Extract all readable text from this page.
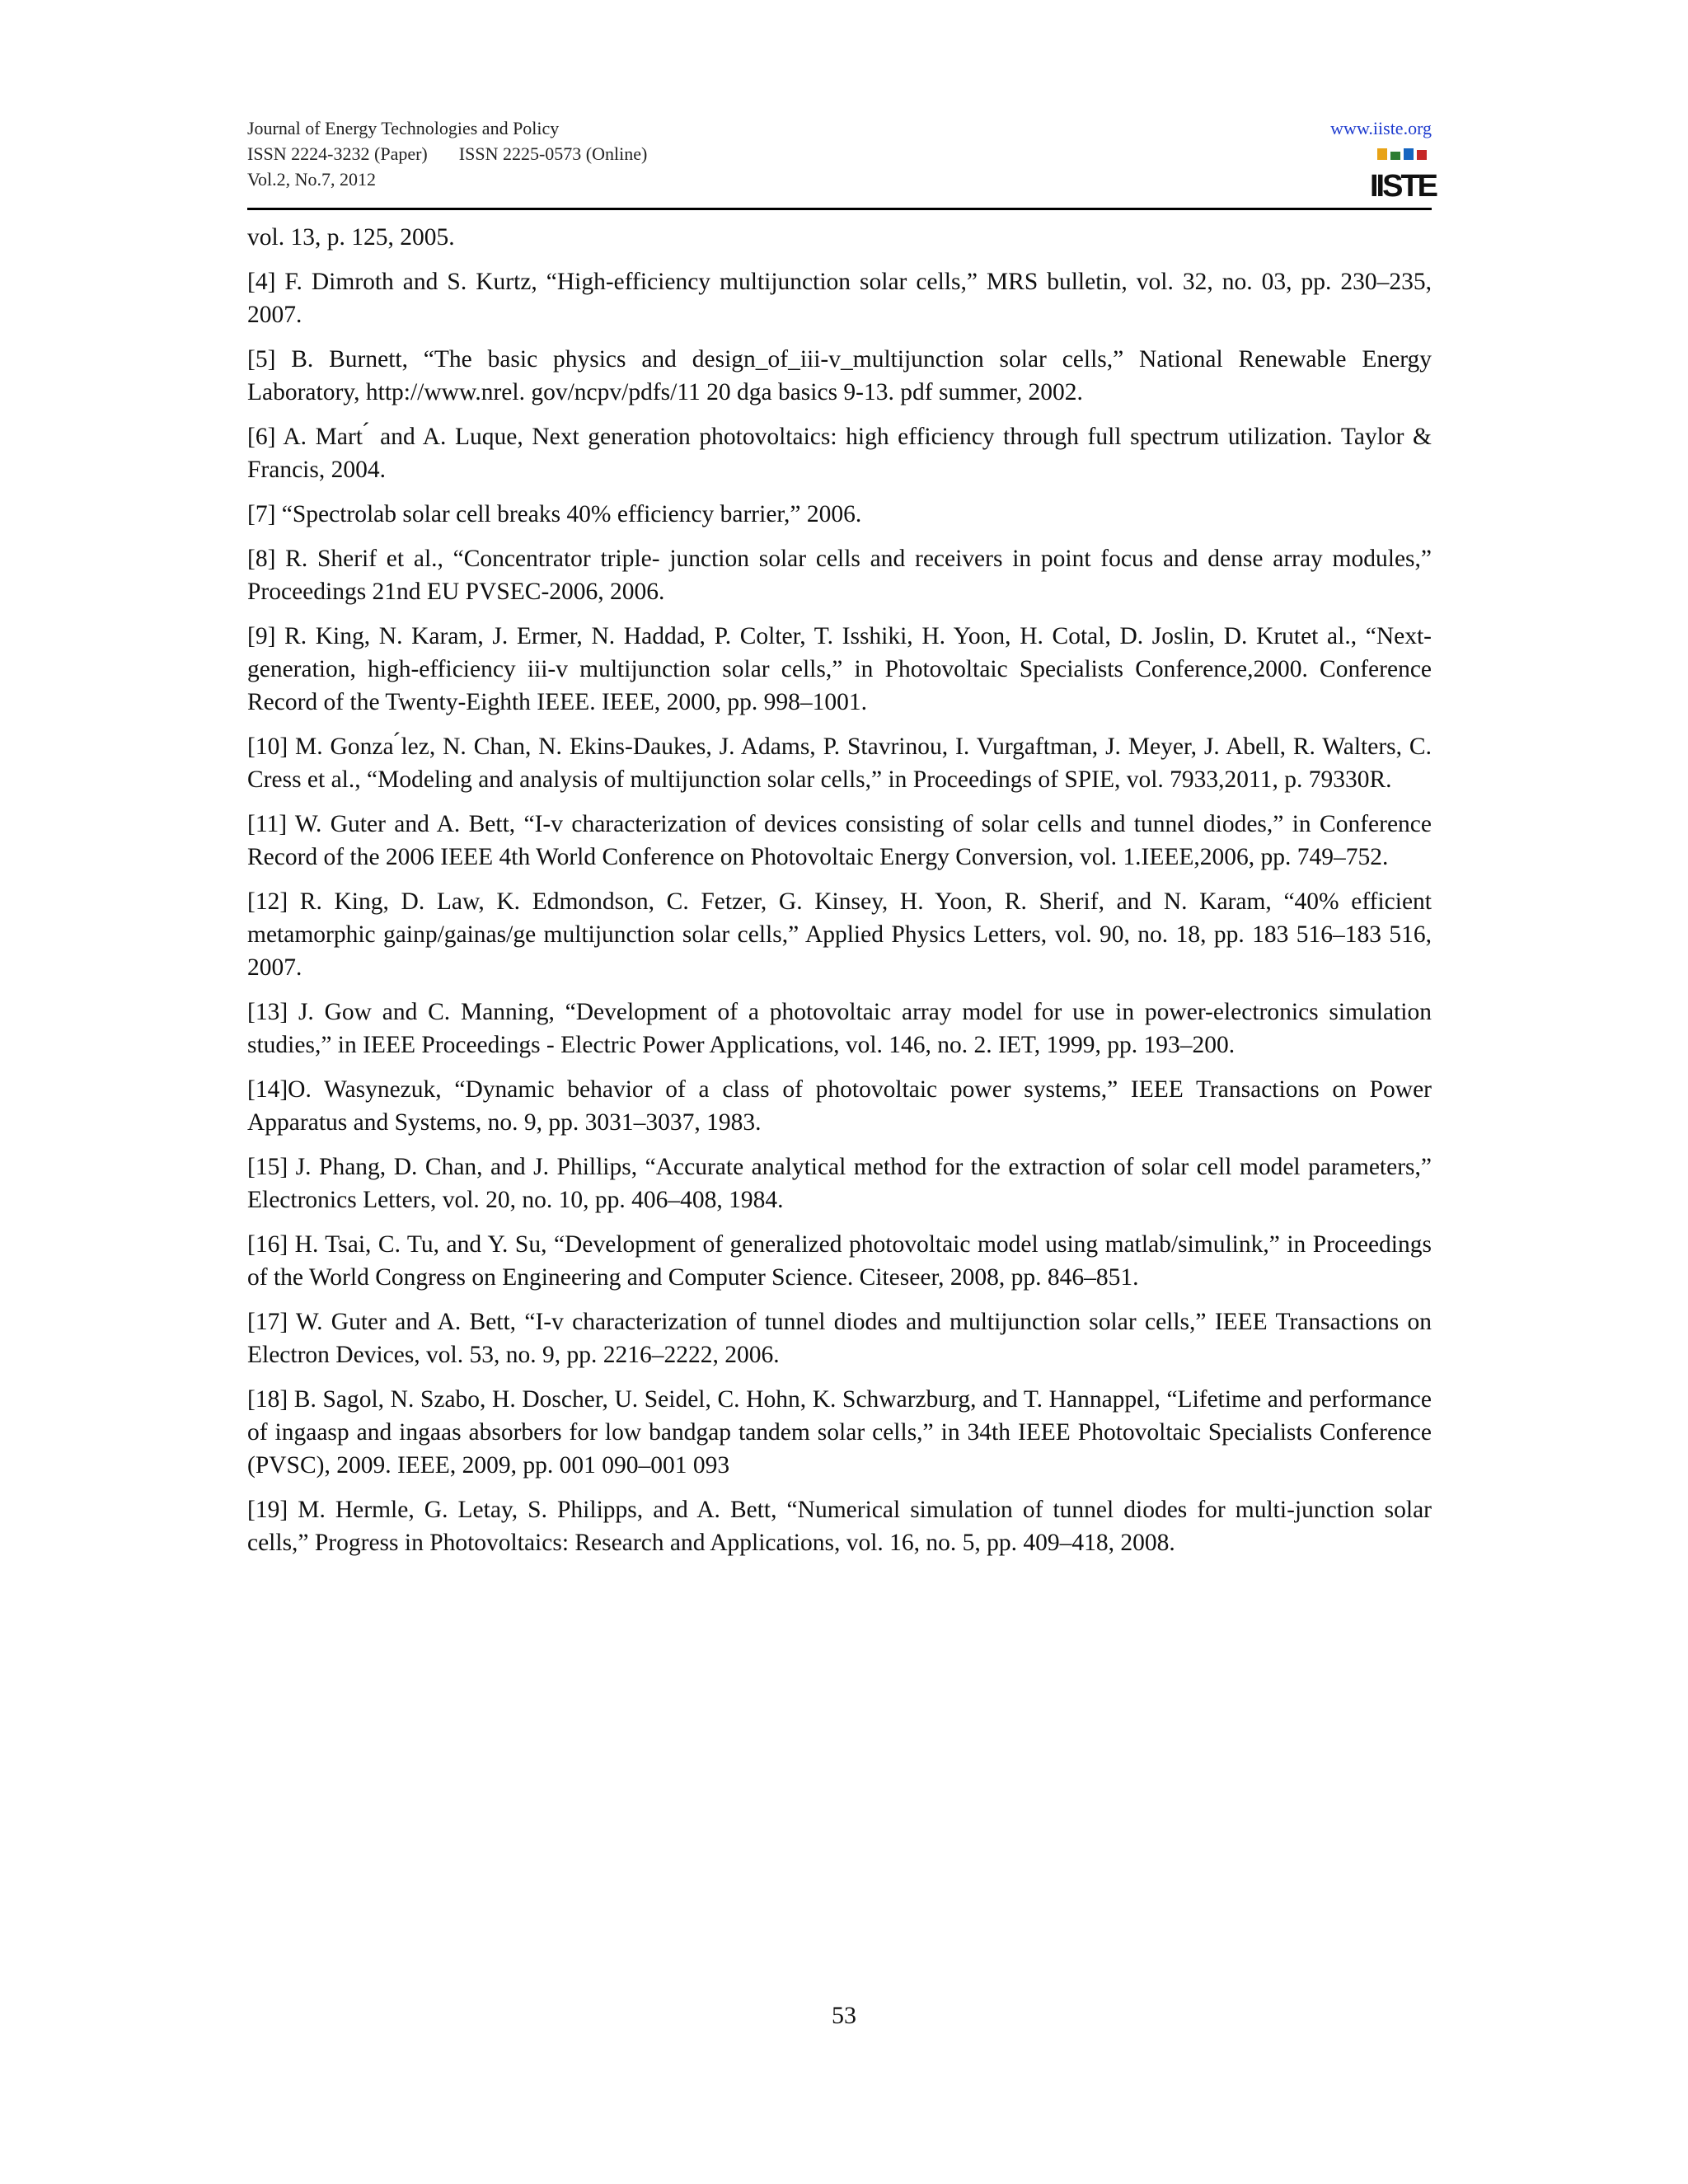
Journal of Energy Technologies and Policy
ISSN 2224-3232 (Paper) ISSN 2225-0573 (Online)
Vol.2, No.7, 2012
www.iiste.org
IISTE

vol. 13, p. 125, 2005.

[4] F. Dimroth and S. Kurtz, “High-efficiency multijunction solar cells,” MRS bulletin, vol. 32, no. 03, pp. 230–235, 2007.

[5] B. Burnett, “The basic physics and design_of_iii-v_multijunction solar cells,” National Renewable Energy Laboratory, http://www.nrel. gov/ncpv/pdfs/11 20 dga basics 9-13. pdf summer, 2002.

[6] A. Mart ́ and A. Luque, Next generation photovoltaics: high efficiency through full spectrum utilization. Taylor & Francis, 2004.

[7] “Spectrolab solar cell breaks 40% efficiency barrier,” 2006.

[8] R. Sherif et al., “Concentrator triple- junction solar cells and receivers in point focus and dense array modules,” Proceedings 21nd EU PVSEC-2006, 2006.

[9] R. King, N. Karam, J. Ermer, N. Haddad, P. Colter, T. Isshiki, H. Yoon, H. Cotal, D. Joslin, D. Krutet al., “Next-generation, high-efficiency iii-v multijunction solar cells,” in Photovoltaic Specialists Conference,2000. Conference Record of the Twenty-Eighth IEEE. IEEE, 2000, pp. 998–1001.

[10] M. Gonza ́lez, N. Chan, N. Ekins-Daukes, J. Adams, P. Stavrinou, I. Vurgaftman, J. Meyer, J. Abell, R. Walters, C. Cress et al., “Modeling and analysis of multijunction solar cells,” in Proceedings of SPIE, vol. 7933,2011, p. 79330R.

[11] W. Guter and A. Bett, “I-v characterization of devices consisting of solar cells and tunnel diodes,” in Conference Record of the 2006 IEEE 4th World Conference on Photovoltaic Energy Conversion, vol. 1.IEEE,2006, pp. 749–752.

[12] R. King, D. Law, K. Edmondson, C. Fetzer, G. Kinsey, H. Yoon, R. Sherif, and N. Karam, “40% efficient metamorphic gainp/gainas/ge multijunction solar cells,” Applied Physics Letters, vol. 90, no. 18, pp. 183 516–183 516, 2007.

[13] J. Gow and C. Manning, “Development of a photovoltaic array model for use in power-electronics simulation studies,” in IEEE Proceedings - Electric Power Applications, vol. 146, no. 2. IET, 1999, pp. 193–200.

[14]O. Wasynezuk, “Dynamic behavior of a class of photovoltaic power systems,” IEEE Transactions on Power Apparatus and Systems, no. 9, pp. 3031–3037, 1983.

[15] J. Phang, D. Chan, and J. Phillips, “Accurate analytical method for the extraction of solar cell model parameters,” Electronics Letters, vol. 20, no. 10, pp. 406–408, 1984.

[16] H. Tsai, C. Tu, and Y. Su, “Development of generalized photovoltaic model using matlab/simulink,” in Proceedings of the World Congress on Engineering and Computer Science. Citeseer, 2008, pp. 846–851.

[17] W. Guter and A. Bett, “I-v characterization of tunnel diodes and multijunction solar cells,” IEEE Transactions on Electron Devices, vol. 53, no. 9, pp. 2216–2222, 2006.

[18] B. Sagol, N. Szabo, H. Doscher, U. Seidel, C. Hohn, K. Schwarzburg, and T. Hannappel, “Lifetime and performance of ingaasp and ingaas absorbers for low bandgap tandem solar cells,” in 34th IEEE Photovoltaic Specialists Conference (PVSC), 2009. IEEE, 2009, pp. 001 090–001 093

[19] M. Hermle, G. Letay, S. Philipps, and A. Bett, “Numerical simulation of tunnel diodes for multi-junction solar cells,” Progress in Photovoltaics: Research and Applications, vol. 16, no. 5, pp. 409–418, 2008.

53
